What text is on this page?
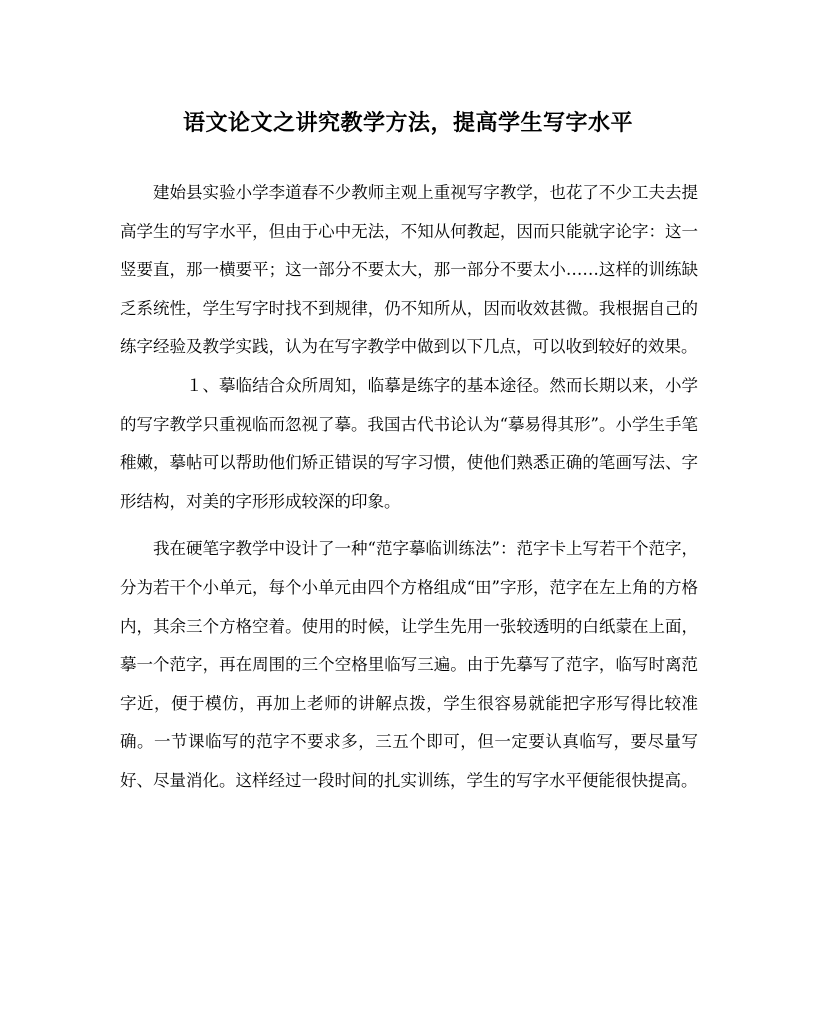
语文论文之讲究教学方法，提高学生写字水平

建始县实验小学李道春不少教师主观上重视写字教学，也花了不少工夫去提高学生的写字水平，但由于心中无法，不知从何教起，因而只能就字论字：这一竖要直，那一横要平；这一部分不要太大，那一部分不要太小……这样的训练缺乏系统性，学生写字时找不到规律，仍不知所从，因而收效甚微。我根据自己的练字经验及教学实践，认为在写字教学中做到以下几点，可以收到较好的效果。

１、摹临结合众所周知，临摹是练字的基本途径。然而长期以来，小学的写字教学只重视临而忽视了摹。我国古代书论认为“摹易得其形”。小学生手笔稚嫩，摹帖可以帮助他们矫正错误的写字习惯，使他们熟悉正确的笔画写法、字形结构，对美的字形形成较深的印象。

我在硬笔字教学中设计了一种“范字摹临训练法”：范字卡上写若干个范字，分为若干个小单元，每个小单元由四个方格组成“田”字形，范字在左上角的方格内，其余三个方格空着。使用的时候，让学生先用一张较透明的白纸蒙在上面，摹一个范字，再在周围的三个空格里临写三遍。由于先摹写了范字，临写时离范字近，便于模仿，再加上老师的讲解点拨，学生很容易就能把字形写得比较准确。一节课临写的范字不要求多，三五个即可，但一定要认真临写，要尽量写好、尽量消化。这样经过一段时间的扎实训练，学生的写字水平便能很快提高。
